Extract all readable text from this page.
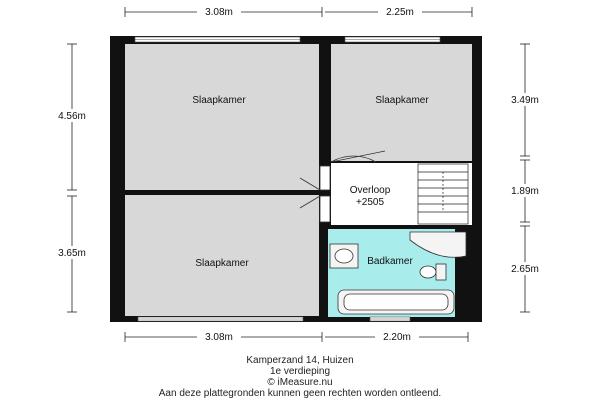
Slaapkamer	Slaapkamer
Slaapkamer
Overloop
+2505
Badkamer
3.08m	2.25m
3.08m	2.20m
4.56m
3.65m
3.49m
1.89m
2.65m
Kamperzand 14, Huizen
1e verdieping
© iMeasure.nu
Aan deze plattegronden kunnen geen rechten worden ontleend.
